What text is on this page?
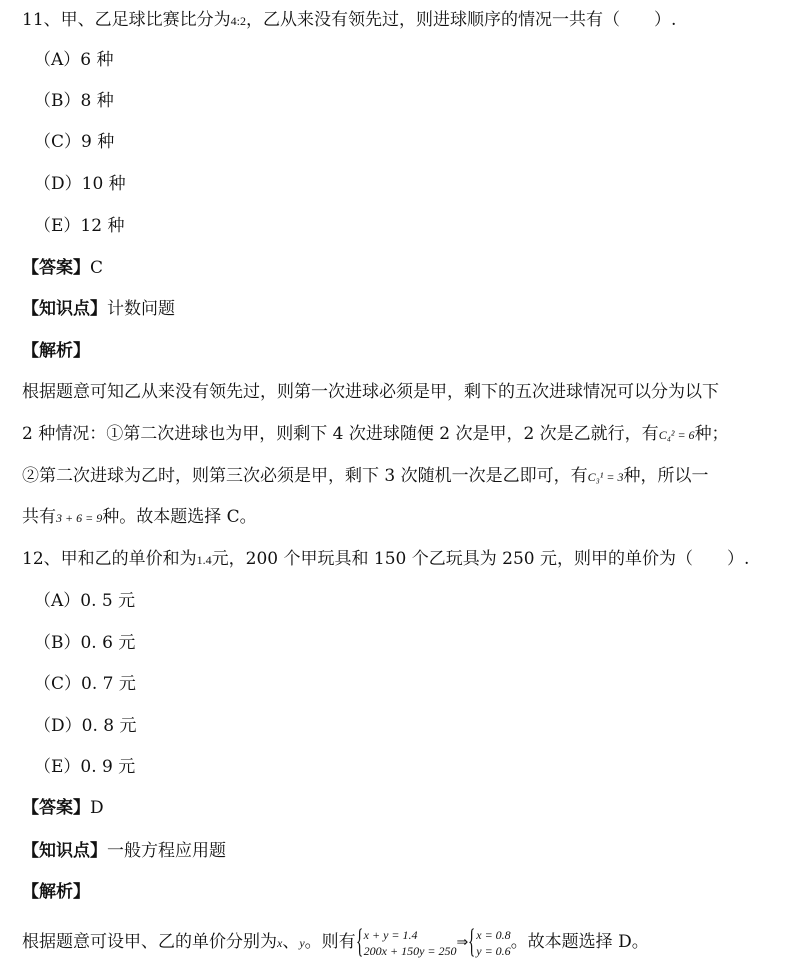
11、甲、乙足球比赛比分为4:2，乙从来没有领先过，则进球顺序的情况一共有（　　）.
（A）6 种
（B）8 种
（C）9 种
（D）10 种
（E）12 种
【答案】C
【知识点】计数问题
【解析】
根据题意可知乙从来没有领先过，则第一次进球必须是甲，剩下的五次进球情况可以分为以下
2 种情况：①第二次进球也为甲，则剩下 4 次进球随便 2 次是甲，2 次是乙就行，有C₄² = 6种；
②第二次进球为乙时，则第三次必须是甲，剩下 3 次随机一次是乙即可，有C₃¹ = 3种，所以一
共有3 + 6 = 9种。故本题选择 C。
12、甲和乙的单价和为1.4元，200 个甲玩具和 150 个乙玩具为 250 元，则甲的单价为（　　）.
（A）0. 5 元
（B）0. 6 元
（C）0. 7 元
（D）0. 8 元
（E）0. 9 元
【答案】D
【知识点】一般方程应用题
【解析】
根据题意可设甲、乙的单价分别为x、y。则有 { x + y = 1.4
200x + 150y = 250 ⇒ { x = 0.8
y = 0.6 。故本题选择 D。
